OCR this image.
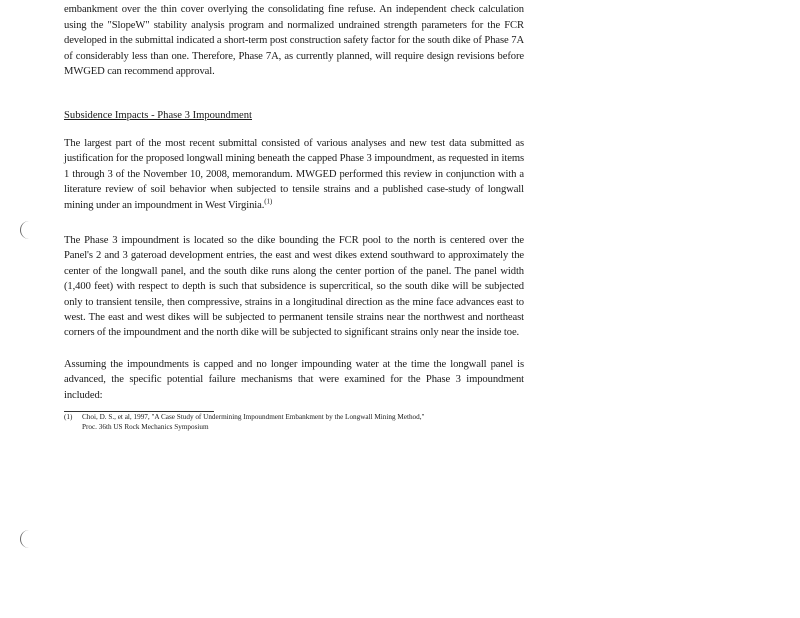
embankment over the thin cover overlying the consolidating fine refuse. An independent check calculation using the "SlopeW" stability analysis program and normalized undrained strength parameters for the FCR developed in the submittal indicated a short-term post construction safety factor for the south dike of Phase 7A of considerably less than one. Therefore, Phase 7A, as currently planned, will require design revisions before MWGED can recommend approval.

Subsidence Impacts - Phase 3 Impoundment

The largest part of the most recent submittal consisted of various analyses and new test data submitted as justification for the proposed longwall mining beneath the capped Phase 3 impoundment, as requested in items 1 through 3 of the November 10, 2008, memorandum. MWGED performed this review in conjunction with a literature review of soil behavior when subjected to tensile strains and a published case-study of longwall mining under an impoundment in West Virginia.$^{(1)}$

The Phase 3 impoundment is located so the dike bounding the FCR pool to the north is centered over the Panel's 2 and 3 gateroad development entries, the east and west dikes extend southward to approximately the center of the longwall panel, and the south dike runs along the center portion of the panel. The panel width (1,400 feet) with respect to depth is such that subsidence is supercritical, so the south dike will be subjected only to transient tensile, then compressive, strains in a longitudinal direction as the mine face advances east to west. The east and west dikes will be subjected to permanent tensile strains near the northwest and northeast corners of the impoundment and the north dike will be subjected to significant strains only near the inside toe.

Assuming the impoundments is capped and no longer impounding water at the time the longwall panel is advanced, the specific potential failure mechanisms that were examined for the Phase 3 impoundment included:

(1) Choi, D. S., et al, 1997, "A Case Study of Undermining Impoundment Embankment by the Longwall Mining Method,"
Proc. 36th US Rock Mechanics Symposium
